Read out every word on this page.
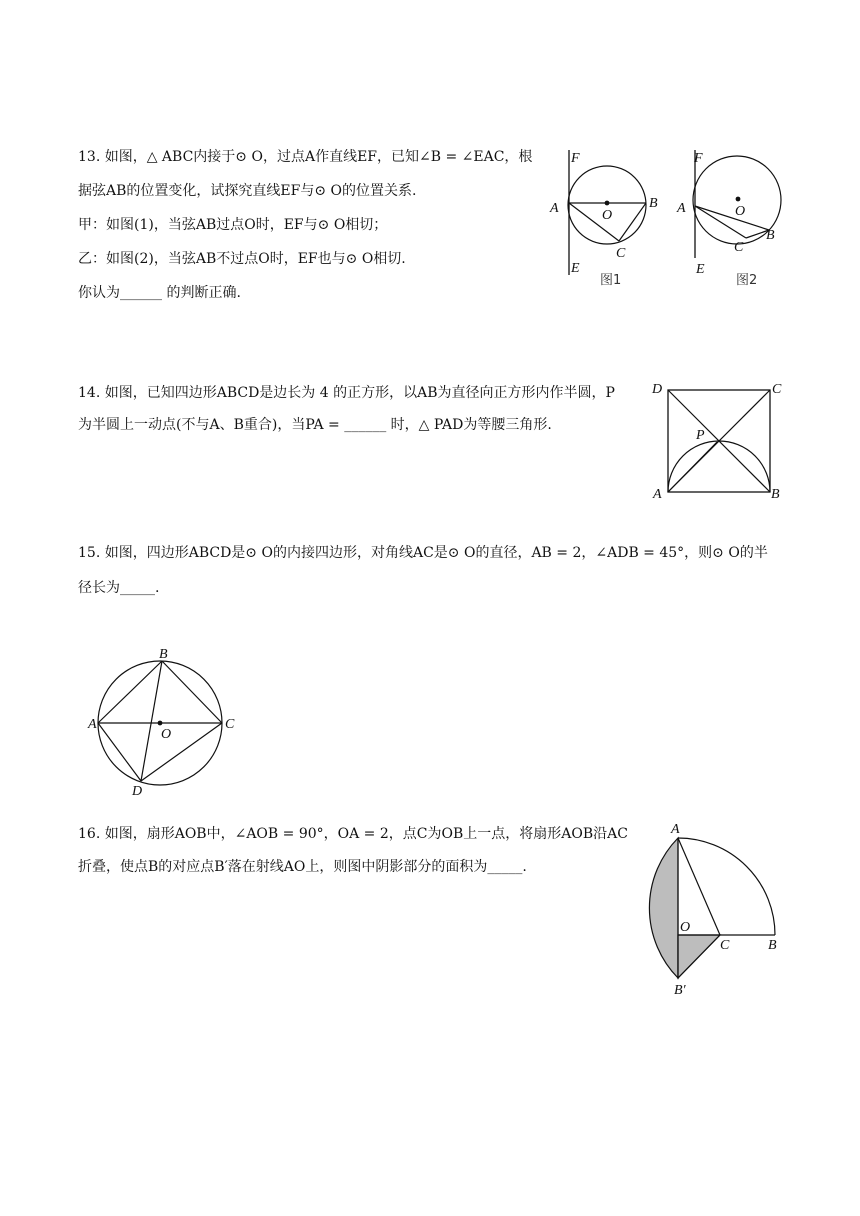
13. 如图，△ ABC内接于⊙ O，过点A作直线EF，已知∠B = ∠EAC，根
据弦AB的位置变化，试探究直线EF与⊙ O的位置关系.
甲：如图(1)，当弦AB过点O时，EF与⊙ O相切；
乙：如图(2)，当弦AB不过点O时，EF也与⊙ O相切.
你认为______ 的判断正确.
F
A	O
B
C
E
图1
F
A	O
B
C
E
图2
14. 如图，已知四边形ABCD是边长为 4 的正方形，以AB为直径向正方形内作半圆，P
为半圆上一动点(不与A、B重合)，当PA = ______ 时，△ PAD为等腰三角形.
D	C
P
A	B
15. 如图，四边形ABCD是⊙ O的内接四边形，对角线AC是⊙ O的直径，AB = 2，∠ADB = 45°，则⊙ O的半
径长为_____.
B
A
O
C
D
16. 如图，扇形AOB中，∠AOB = 90°，OA = 2，点C为OB上一点，将扇形AOB沿AC
折叠，使点B的对应点B′落在射线AO上，则图中阴影部分的面积为_____.
A
O
C	B
B′
